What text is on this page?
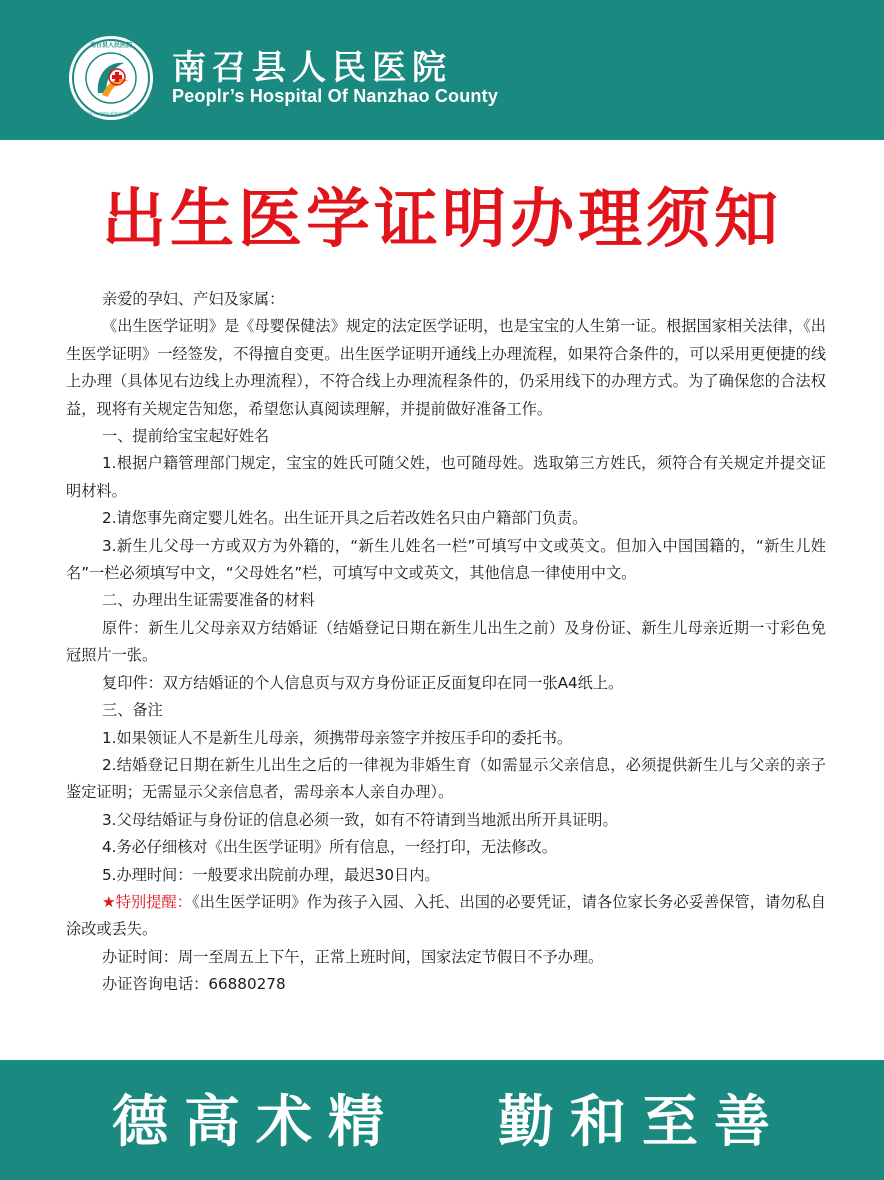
南召县人民医院
People's Hospital of Nanzhao County
南召县人民医院
Peoplr’s Hospital Of Nanzhao County
出生医学证明办理须知

亲爱的孕妇、产妇及家属：

《出生医学证明》是《母婴保健法》规定的法定医学证明，也是宝宝的人生第一证。根据国家相关法律，《出生医学证明》一经签发，不得擅自变更。出生医学证明开通线上办理流程，如果符合条件的，可以采用更便捷的线上办理（具体见右边线上办理流程），不符合线上办理流程条件的，仍采用线下的办理方式。为了确保您的合法权益，现将有关规定告知您，希望您认真阅读理解，并提前做好准备工作。

一、提前给宝宝起好姓名

1.根据户籍管理部门规定，宝宝的姓氏可随父姓，也可随母姓。选取第三方姓氏，须符合有关规定并提交证明材料。

2.请您事先商定婴儿姓名。出生证开具之后若改姓名只由户籍部门负责。

3.新生儿父母一方或双方为外籍的，“新生儿姓名一栏”可填写中文或英文。但加入中国国籍的，“新生儿姓名”一栏必须填写中文，“父母姓名”栏，可填写中文或英文，其他信息一律使用中文。

二、办理出生证需要准备的材料

原件：新生儿父母亲双方结婚证（结婚登记日期在新生儿出生之前）及身份证、新生儿母亲近期一寸彩色免冠照片一张。

复印件：双方结婚证的个人信息页与双方身份证正反面复印在同一张A4纸上。

三、备注

1.如果领证人不是新生儿母亲，须携带母亲签字并按压手印的委托书。

2.结婚登记日期在新生儿出生之后的一律视为非婚生育（如需显示父亲信息，必须提供新生儿与父亲的亲子鉴定证明；无需显示父亲信息者，需母亲本人亲自办理）。

3.父母结婚证与身份证的信息必须一致，如有不符请到当地派出所开具证明。

4.务必仔细核对《出生医学证明》所有信息，一经打印，无法修改。

5.办理时间：一般要求出院前办理，最迟30日内。

★特别提醒：《出生医学证明》作为孩子入园、入托、出国的必要凭证，请各位家长务必妥善保管，请勿私自涂改或丢失。

办证时间：周一至周五上下午，正常上班时间，国家法定节假日不予办理。

办证咨询电话：66880278

德高术精 勤和至善
